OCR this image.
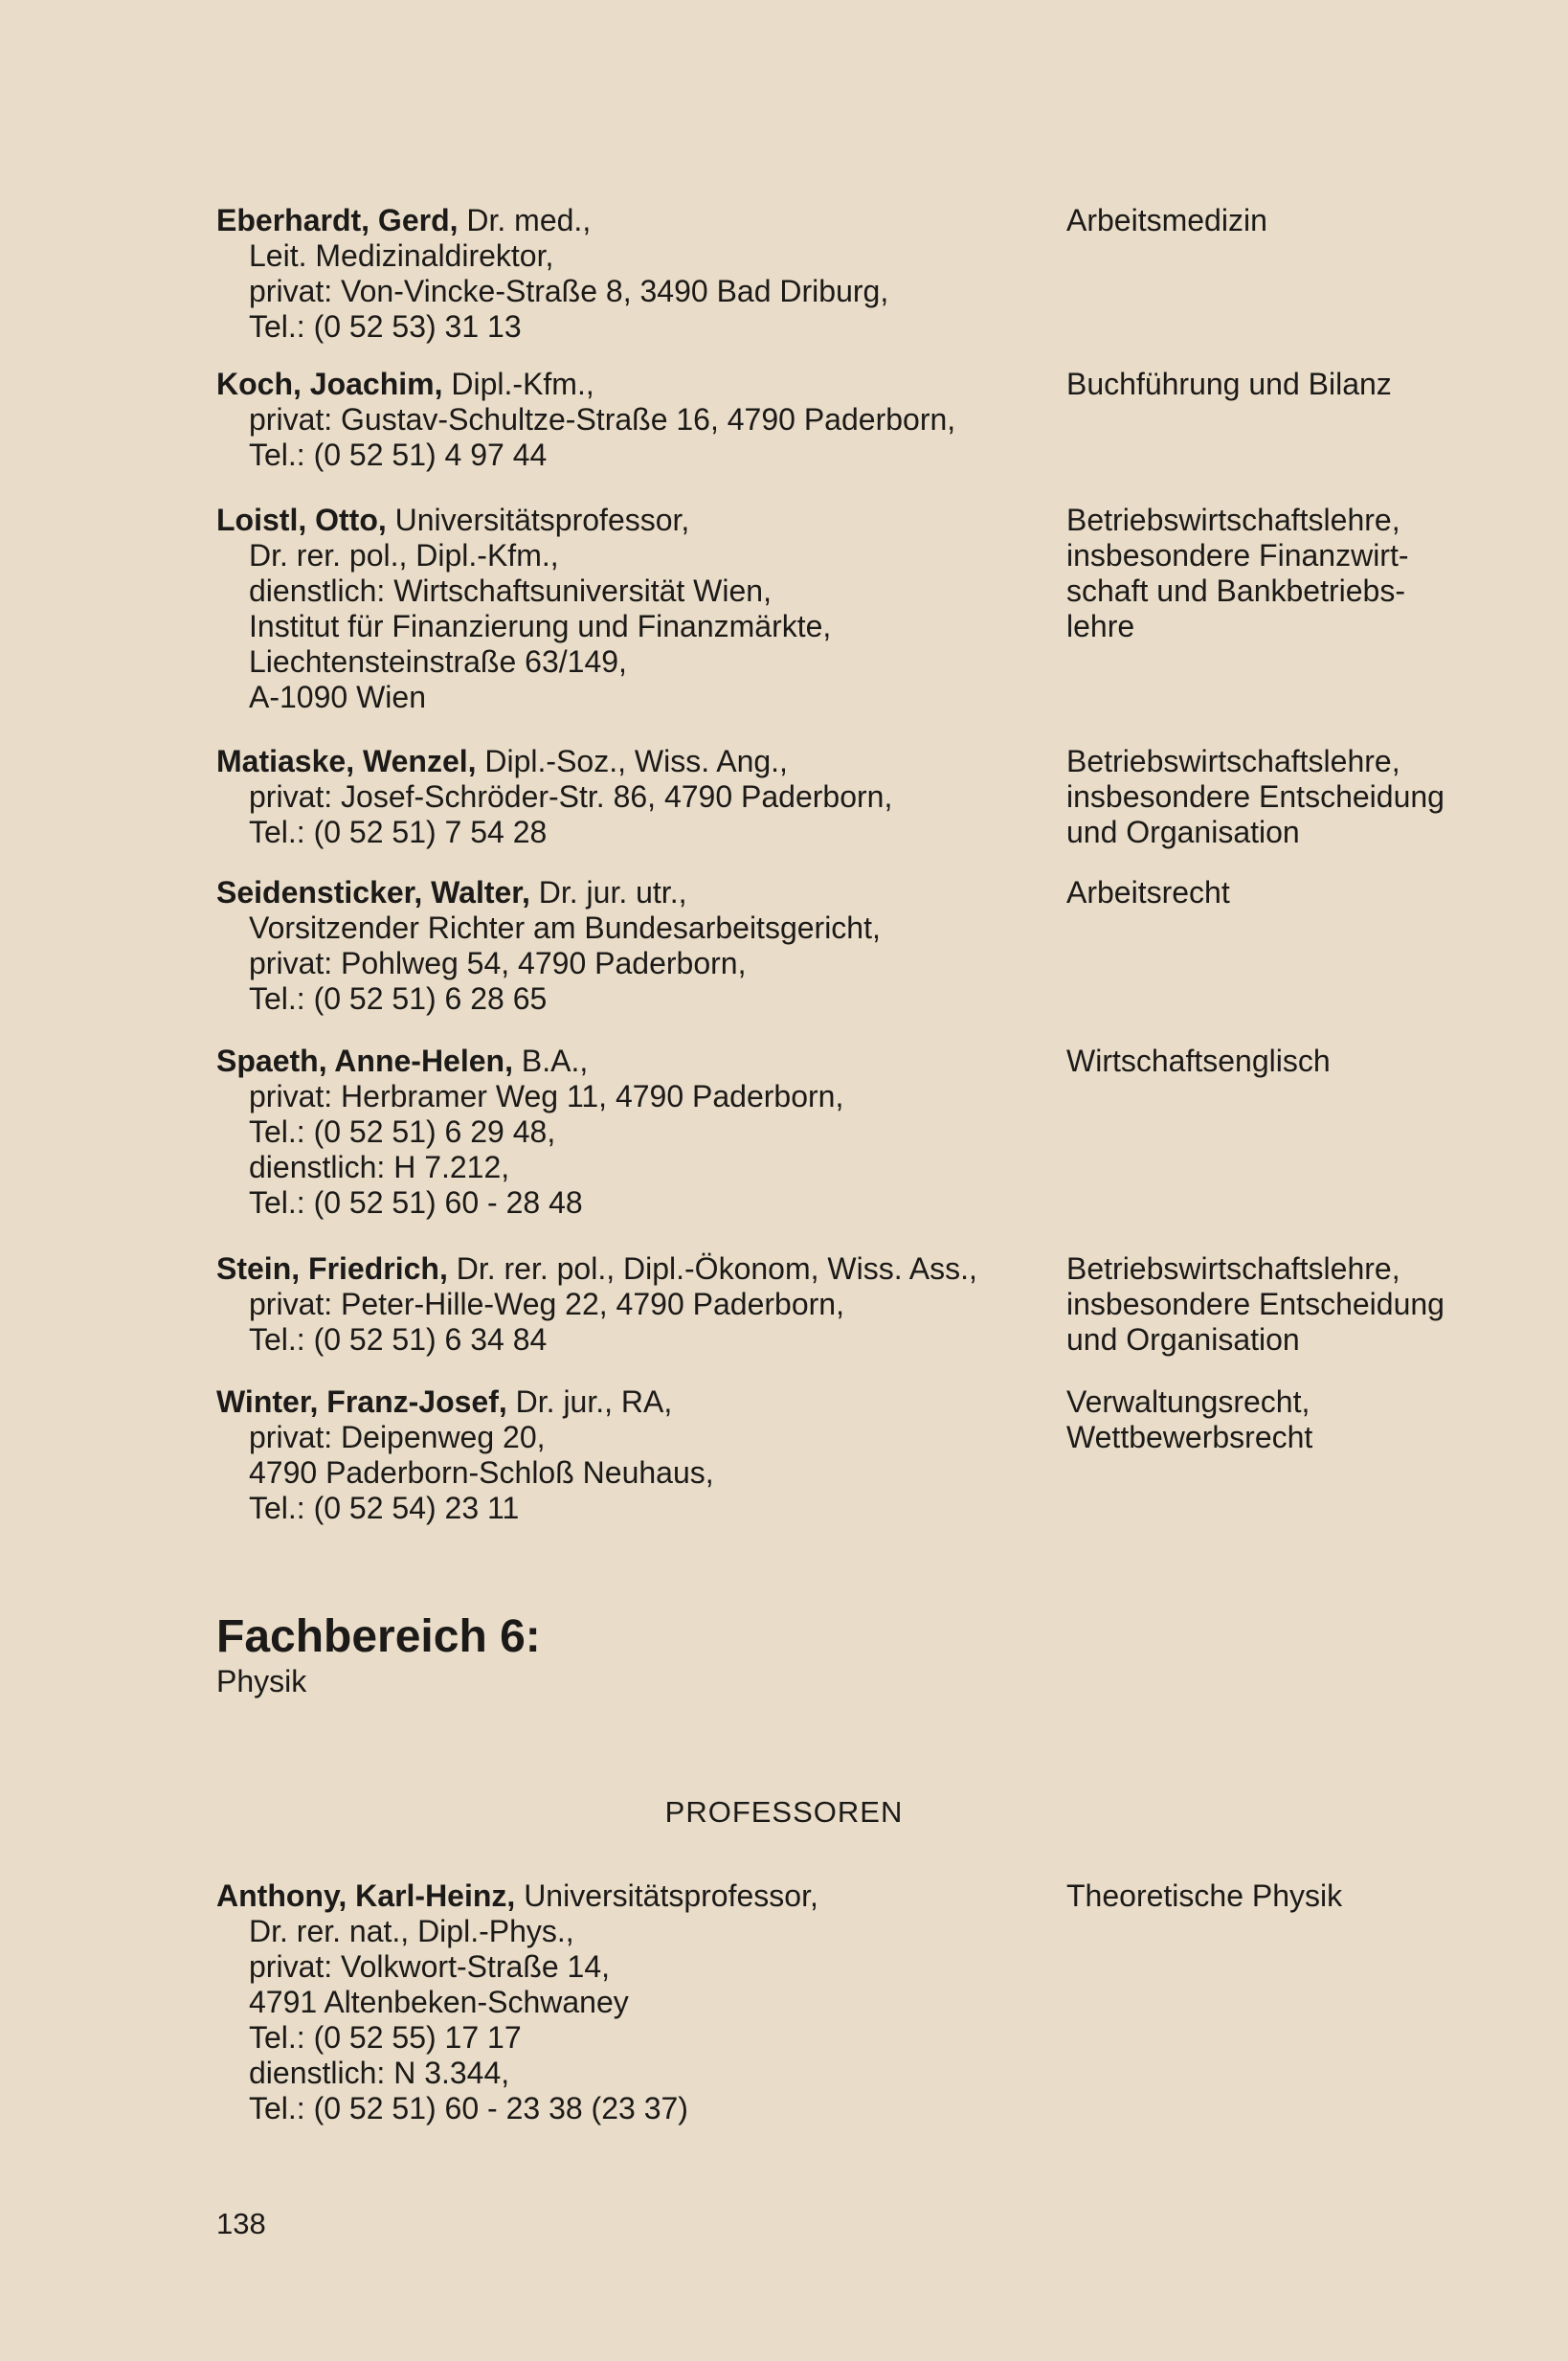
Eberhardt, Gerd, Dr. med.,
Leit. Medizinaldirektor,
privat: Von-Vincke-Straße 8, 3490 Bad Driburg,
Tel.: (0 52 53) 31 13
Arbeitsmedizin
Koch, Joachim, Dipl.-Kfm.,
privat: Gustav-Schultze-Straße 16, 4790 Paderborn,
Tel.: (0 52 51) 4 97 44
Buchführung und Bilanz
Loistl, Otto, Universitätsprofessor,
Dr. rer. pol., Dipl.-Kfm.,
dienstlich: Wirtschaftsuniversität Wien,
Institut für Finanzierung und Finanzmärkte,
Liechtensteinstraße 63/149,
A-1090 Wien
Betriebswirtschaftslehre,
insbesondere Finanzwirt-
schaft und Bankbetriebs-
lehre
Matiaske, Wenzel, Dipl.-Soz., Wiss. Ang.,
privat: Josef-Schröder-Str. 86, 4790 Paderborn,
Tel.: (0 52 51) 7 54 28
Betriebswirtschaftslehre,
insbesondere Entscheidung
und Organisation
Seidensticker, Walter, Dr. jur. utr.,
Vorsitzender Richter am Bundesarbeitsgericht,
privat: Pohlweg 54, 4790 Paderborn,
Tel.: (0 52 51) 6 28 65
Arbeitsrecht
Spaeth, Anne-Helen, B.A.,
privat: Herbramer Weg 11, 4790 Paderborn,
Tel.: (0 52 51) 6 29 48,
dienstlich: H 7.212,
Tel.: (0 52 51) 60 - 28 48
Wirtschaftsenglisch
Stein, Friedrich, Dr. rer. pol., Dipl.-Ökonom, Wiss. Ass.,
privat: Peter-Hille-Weg 22, 4790 Paderborn,
Tel.: (0 52 51) 6 34 84
Betriebswirtschaftslehre,
insbesondere Entscheidung
und Organisation
Winter, Franz-Josef, Dr. jur., RA,
privat: Deipenweg 20,
4790 Paderborn-Schloß Neuhaus,
Tel.: (0 52 54) 23 11
Verwaltungsrecht,
Wettbewerbsrecht
Fachbereich 6:
Physik
PROFESSOREN
Anthony, Karl-Heinz, Universitätsprofessor,
Dr. rer. nat., Dipl.-Phys.,
privat: Volkwort-Straße 14,
4791 Altenbeken-Schwaney
Tel.: (0 52 55) 17 17
dienstlich: N 3.344,
Tel.: (0 52 51) 60 - 23 38 (23 37)
Theoretische Physik
138
